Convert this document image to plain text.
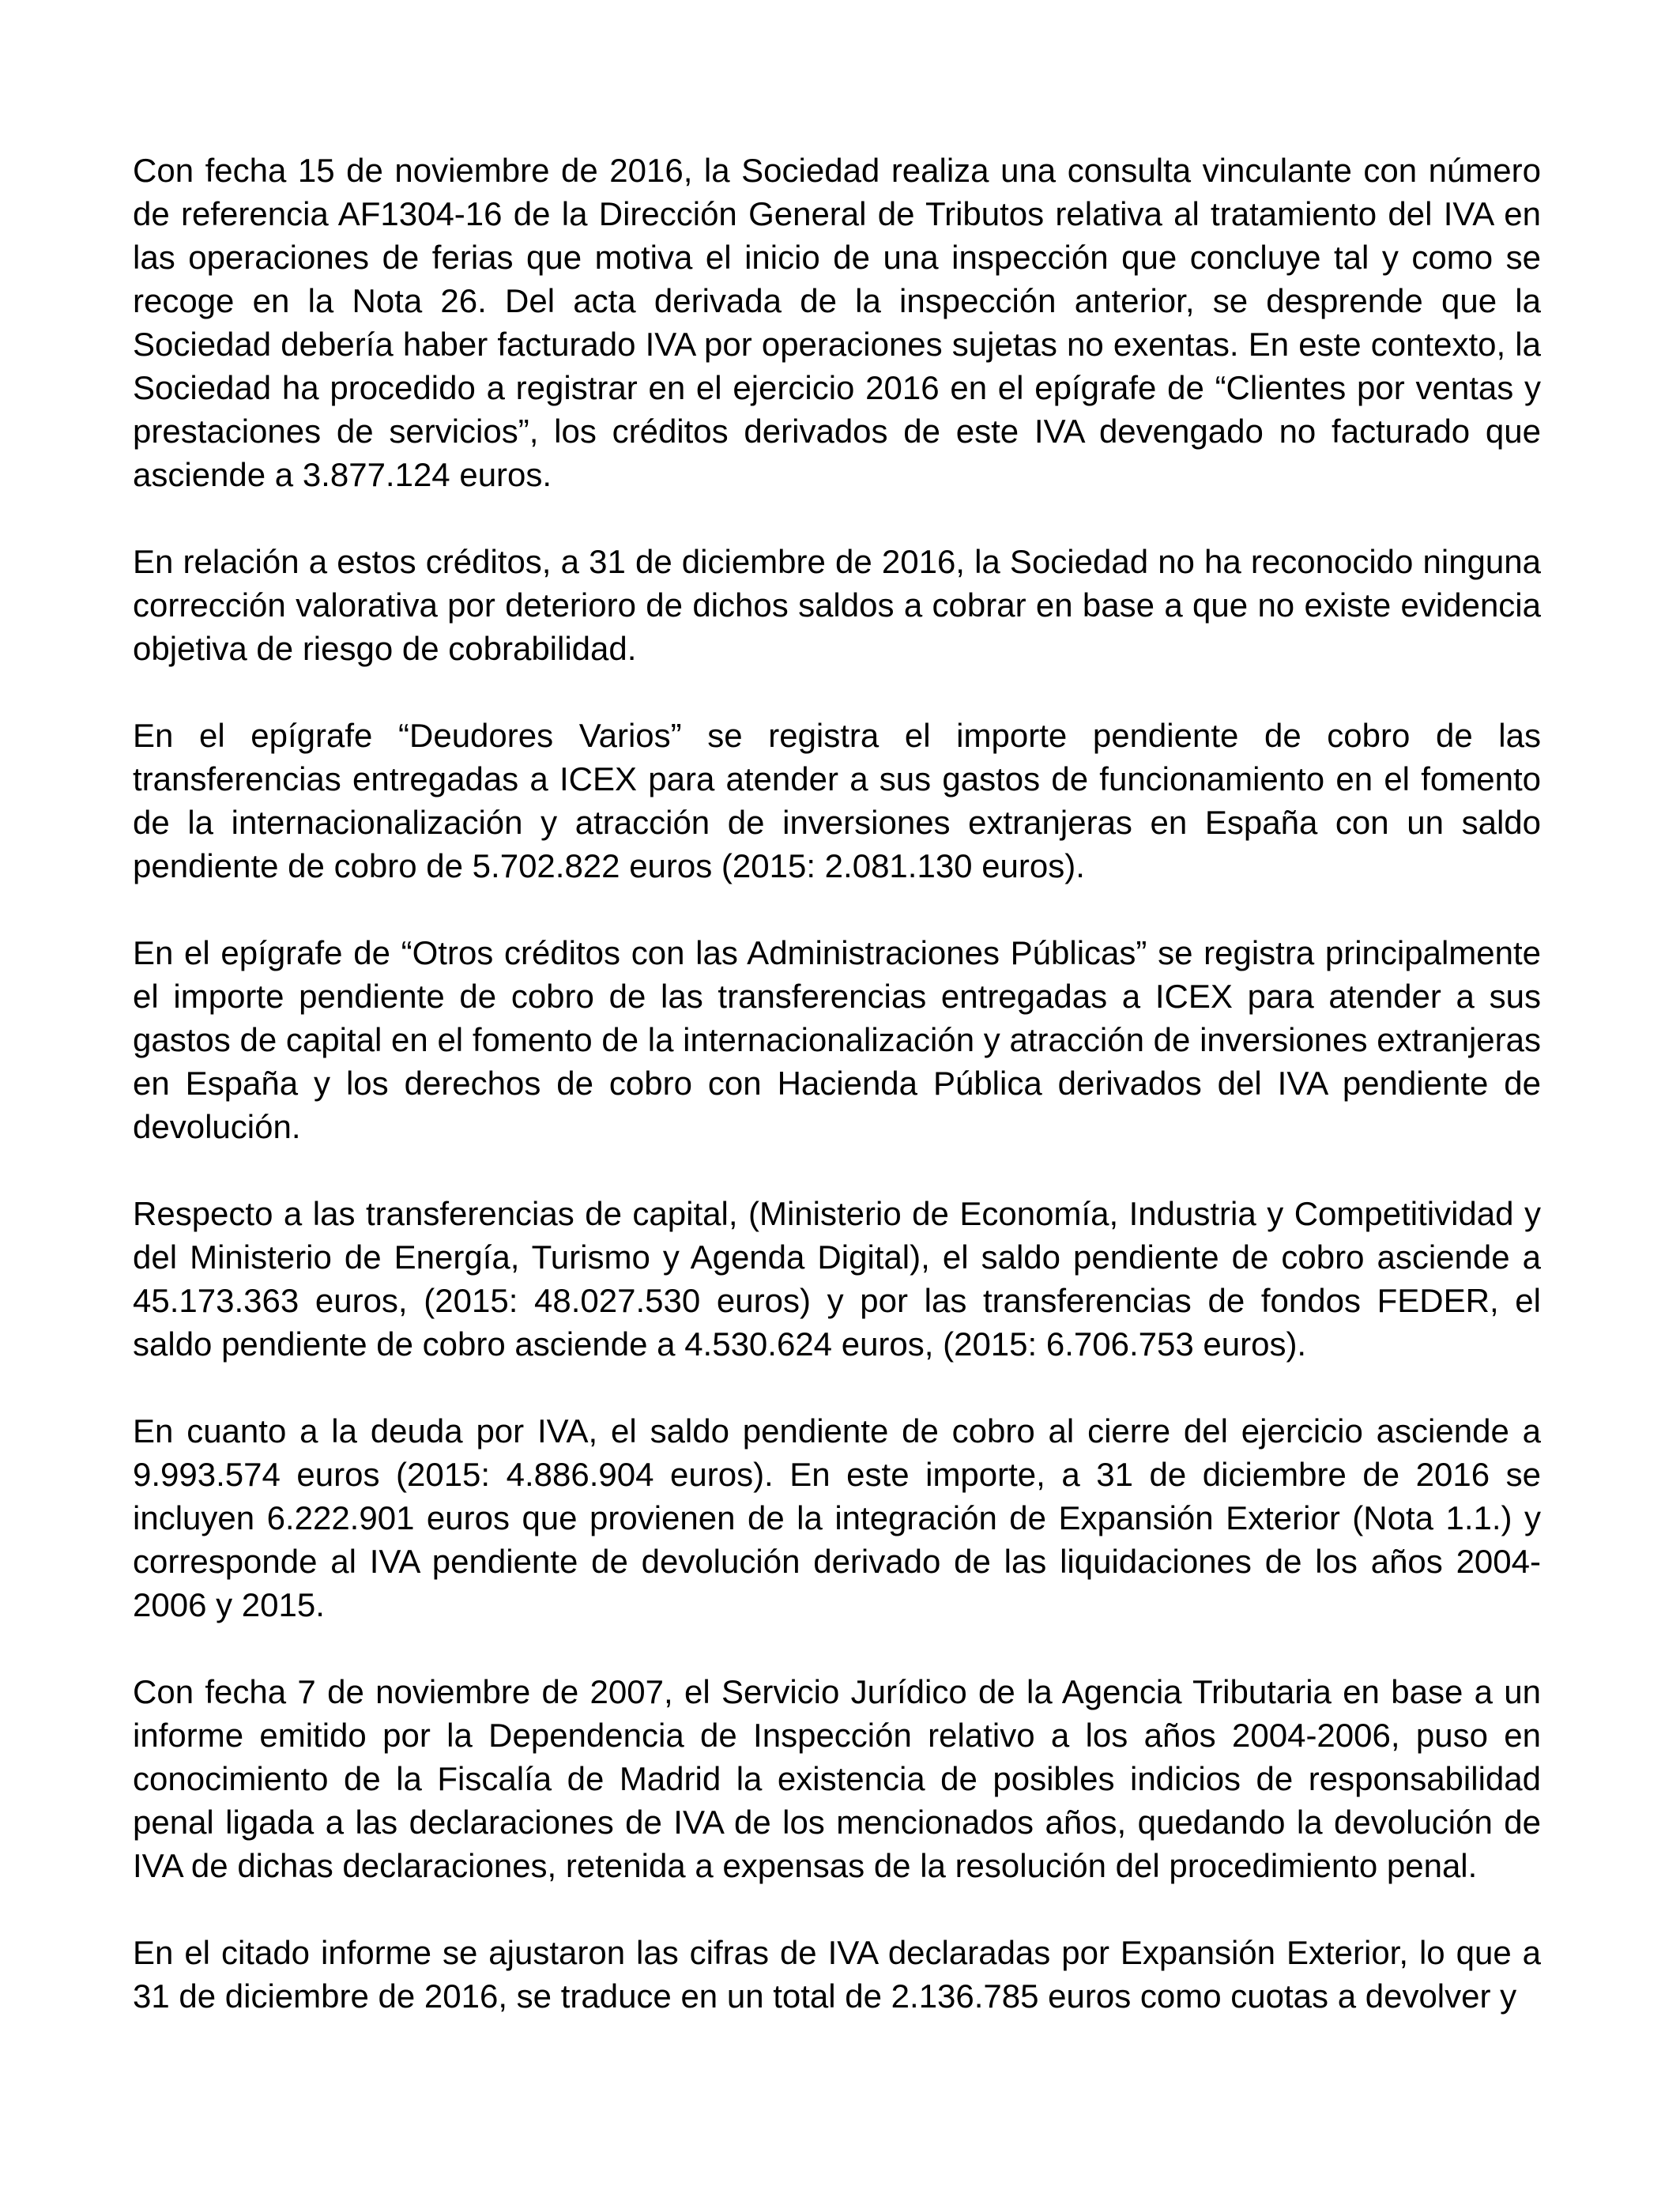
Con fecha 15 de noviembre de 2016, la Sociedad realiza una consulta vinculante con número de referencia AF1304-16 de la Dirección General de Tributos relativa al tratamiento del IVA en las operaciones de ferias que motiva el inicio de una inspección que concluye tal y como se recoge en la Nota 26. Del acta derivada de la inspección anterior, se desprende que la Sociedad debería haber facturado IVA por operaciones sujetas no exentas. En este contexto, la Sociedad ha procedido a registrar en el ejercicio 2016 en el epígrafe de “Clientes por ventas y prestaciones de servicios”, los créditos derivados de este IVA devengado no facturado que asciende a 3.877.124 euros.

En relación a estos créditos, a 31 de diciembre de 2016, la Sociedad no ha reconocido ninguna corrección valorativa por deterioro de dichos saldos a cobrar en base a que no existe evidencia objetiva de riesgo de cobrabilidad.

En el epígrafe “Deudores Varios” se registra el importe pendiente de cobro de las transferencias entregadas a ICEX para atender a sus gastos de funcionamiento en el fomento de la internacionalización y atracción de inversiones extranjeras en España con un saldo pendiente de cobro de 5.702.822 euros (2015: 2.081.130 euros).

En el epígrafe de “Otros créditos con las Administraciones Públicas” se registra principalmente el importe pendiente de cobro de las transferencias entregadas a ICEX para atender a sus gastos de capital en el fomento de la internacionalización y atracción de inversiones extranjeras en España y los derechos de cobro con Hacienda Pública derivados del IVA pendiente de devolución.

Respecto a las transferencias de capital, (Ministerio de Economía, Industria y Competitividad y del Ministerio de Energía, Turismo y Agenda Digital), el saldo pendiente de cobro asciende a 45.173.363 euros, (2015: 48.027.530 euros) y por las transferencias de fondos FEDER, el saldo pendiente de cobro asciende a 4.530.624 euros, (2015: 6.706.753 euros).

En cuanto a la deuda por IVA, el saldo pendiente de cobro al cierre del ejercicio asciende a 9.993.574 euros (2015: 4.886.904 euros). En este importe, a 31 de diciembre de 2016 se incluyen 6.222.901 euros que provienen de la integración de Expansión Exterior (Nota 1.1.) y corresponde al IVA pendiente de devolución derivado de las liquidaciones de los años 2004-2006 y 2015.

Con fecha 7 de noviembre de 2007, el Servicio Jurídico de la Agencia Tributaria en base a un informe emitido por la Dependencia de Inspección relativo a los años 2004-2006, puso en conocimiento de la Fiscalía de Madrid la existencia de posibles indicios de responsabilidad penal ligada a las declaraciones de IVA de los mencionados años, quedando la devolución de IVA de dichas declaraciones, retenida a expensas de la resolución del procedimiento penal.

En el citado informe se ajustaron las cifras de IVA declaradas por Expansión Exterior, lo que a 31 de diciembre de 2016, se traduce en un total de 2.136.785 euros como cuotas a devolver y
